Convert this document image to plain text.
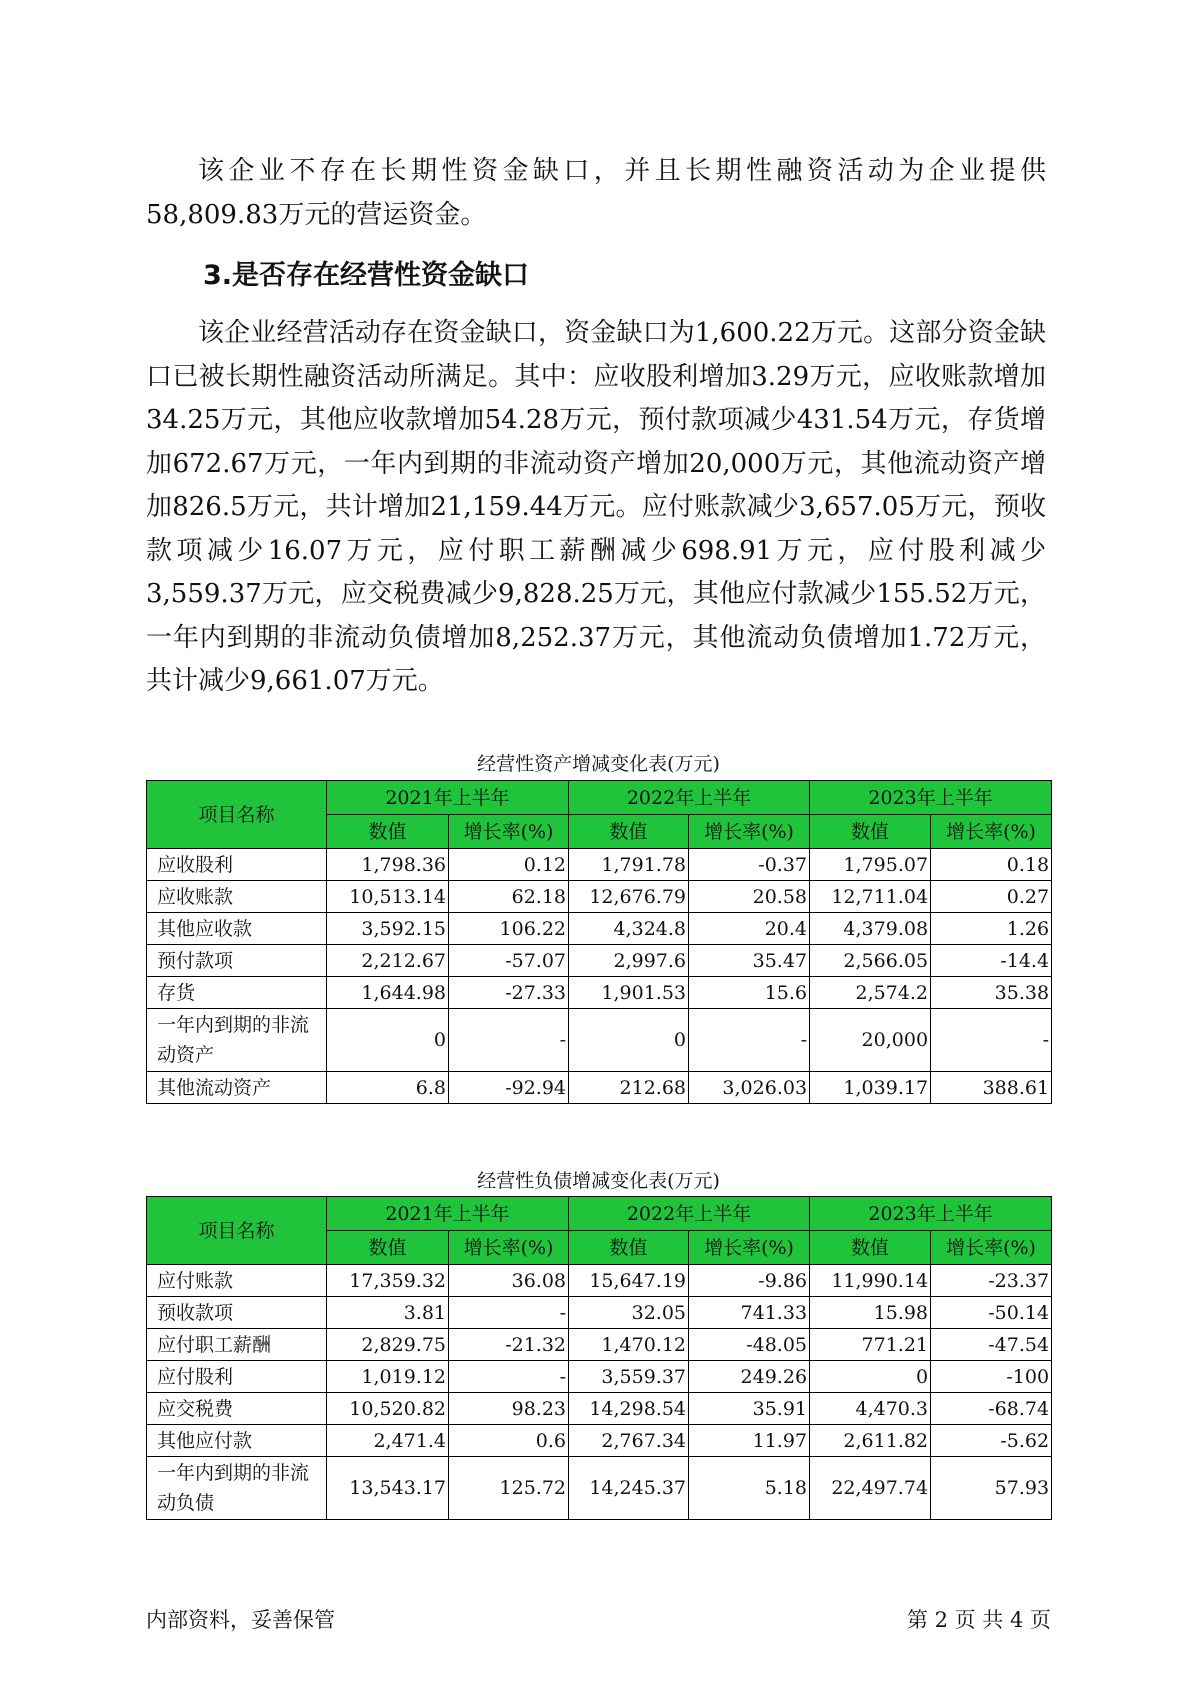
该企业不存在长期性资金缺口，并且长期性融资活动为企业提供58,809.83万元的营运资金。

3.是否存在经营性资金缺口

该企业经营活动存在资金缺口，资金缺口为1,600.22万元。这部分资金缺口已被长期性融资活动所满足。其中：应收股利增加3.29万元，应收账款增加34.25万元，其他应收款增加54.28万元，预付款项减少431.54万元，存货增加672.67万元，一年内到期的非流动资产增加20,000万元，其他流动资产增加826.5万元，共计增加21,159.44万元。应付账款减少3,657.05万元，预收款项减少16.07万元，应付职工薪酬减少698.91万元，应付股利减少3,559.37万元，应交税费减少9,828.25万元，其他应付款减少155.52万元，一年内到期的非流动负债增加8,252.37万元，其他流动负债增加1.72万元，共计减少9,661.07万元。

经营性资产增减变化表(万元)
项目名称	2021年上半年		2022年上半年		2023年上半年	
	数值	增长率(%)	数值	增长率(%)	数值	增长率(%)
应收股利	1,798.36	0.12	1,791.78	-0.37	1,795.07	0.18
应收账款	10,513.14	62.18	12,676.79	20.58	12,711.04	0.27
其他应收款	3,592.15	106.22	4,324.8	20.4	4,379.08	1.26
预付款项	2,212.67	-57.07	2,997.6	35.47	2,566.05	-14.4
存货	1,644.98	-27.33	1,901.53	15.6	2,574.2	35.38
一年内到期的非流动资产	0	-	0	-	20,000	-
其他流动资产	6.8	-92.94	212.68	3,026.03	1,039.17	388.61
经营性负债增减变化表(万元)
项目名称	2021年上半年		2022年上半年		2023年上半年	
	数值	增长率(%)	数值	增长率(%)	数值	增长率(%)
应付账款	17,359.32	36.08	15,647.19	-9.86	11,990.14	-23.37
预收款项	3.81	-	32.05	741.33	15.98	-50.14
应付职工薪酬	2,829.75	-21.32	1,470.12	-48.05	771.21	-47.54
应付股利	1,019.12	-	3,559.37	249.26	0	-100
应交税费	10,520.82	98.23	14,298.54	35.91	4,470.3	-68.74
其他应付款	2,471.4	0.6	2,767.34	11.97	2,611.82	-5.62
一年内到期的非流动负债	13,543.17	125.72	14,245.37	5.18	22,497.74	57.93
内部资料，妥善保管	第 2 页 共 4 页
